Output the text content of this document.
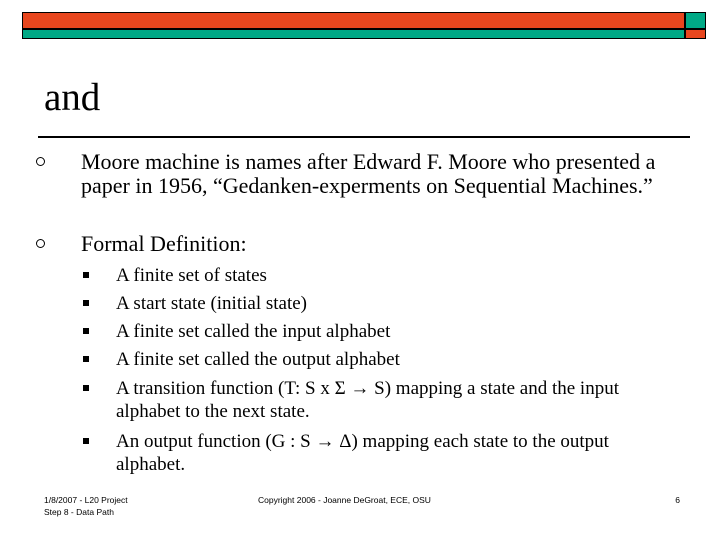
and
Moore machine is names after Edward F. Moore who presented a paper in 1956, “Gedanken-experments on Sequential Machines.”
Formal Definition:
A finite set of states
A start state (initial state)
A finite set called the input alphabet
A finite set called the output alphabet
A transition function (T: S x Σ → S) mapping a state and the input alphabet to the next state.
An output function (G : S → Δ) mapping each state to the output alphabet.
1/8/2007 - L20 Project
Step 8 - Data Path
Copyright 2006 - Joanne DeGroat, ECE, OSU	6
